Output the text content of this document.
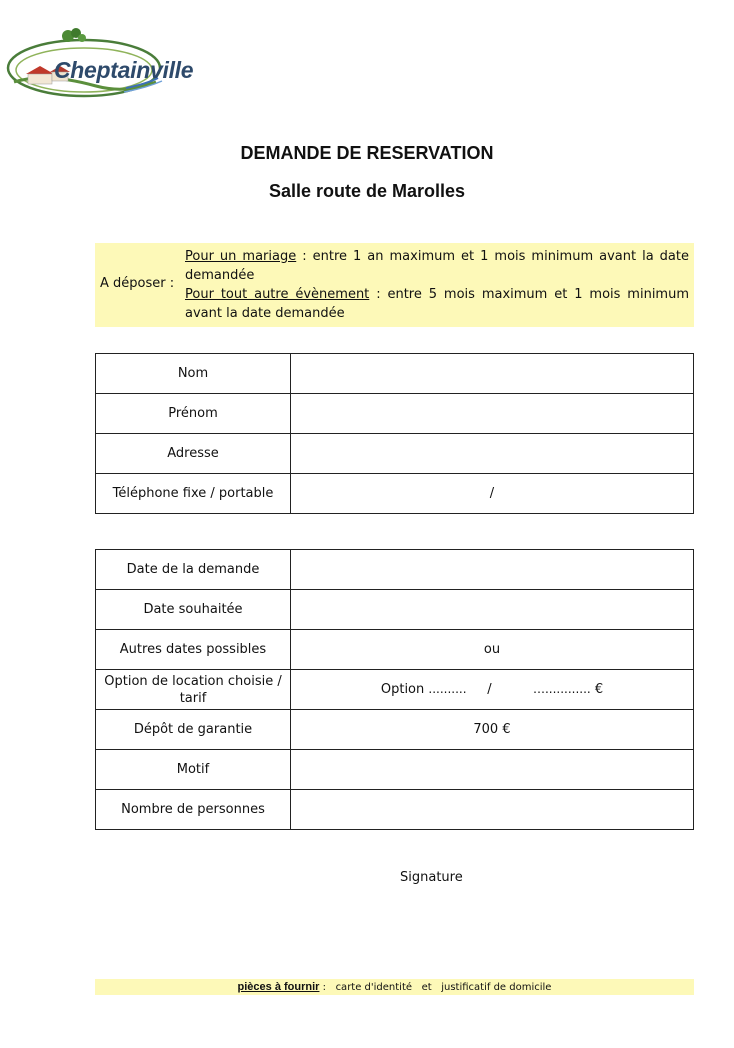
Cheptainville
DEMANDE DE RESERVATION
Salle route de Marolles
A déposer :

Pour un mariage : entre 1 an maximum et 1 mois minimum avant la date demandée

Pour tout autre évènement : entre 5 mois maximum et 1 mois minimum avant la date demandée

Nom	
Prénom	
Adresse	
Téléphone fixe / portable	/
Date de la demande	
Date souhaitée	
Autres dates possibles	ou
Option de location choisie / tarif	Option .......... / …............ €
Dépôt de garantie	700 €
Motif	
Nombre de personnes	
Signature
pièces à fournir : carte d'identité et justificatif de domicile
